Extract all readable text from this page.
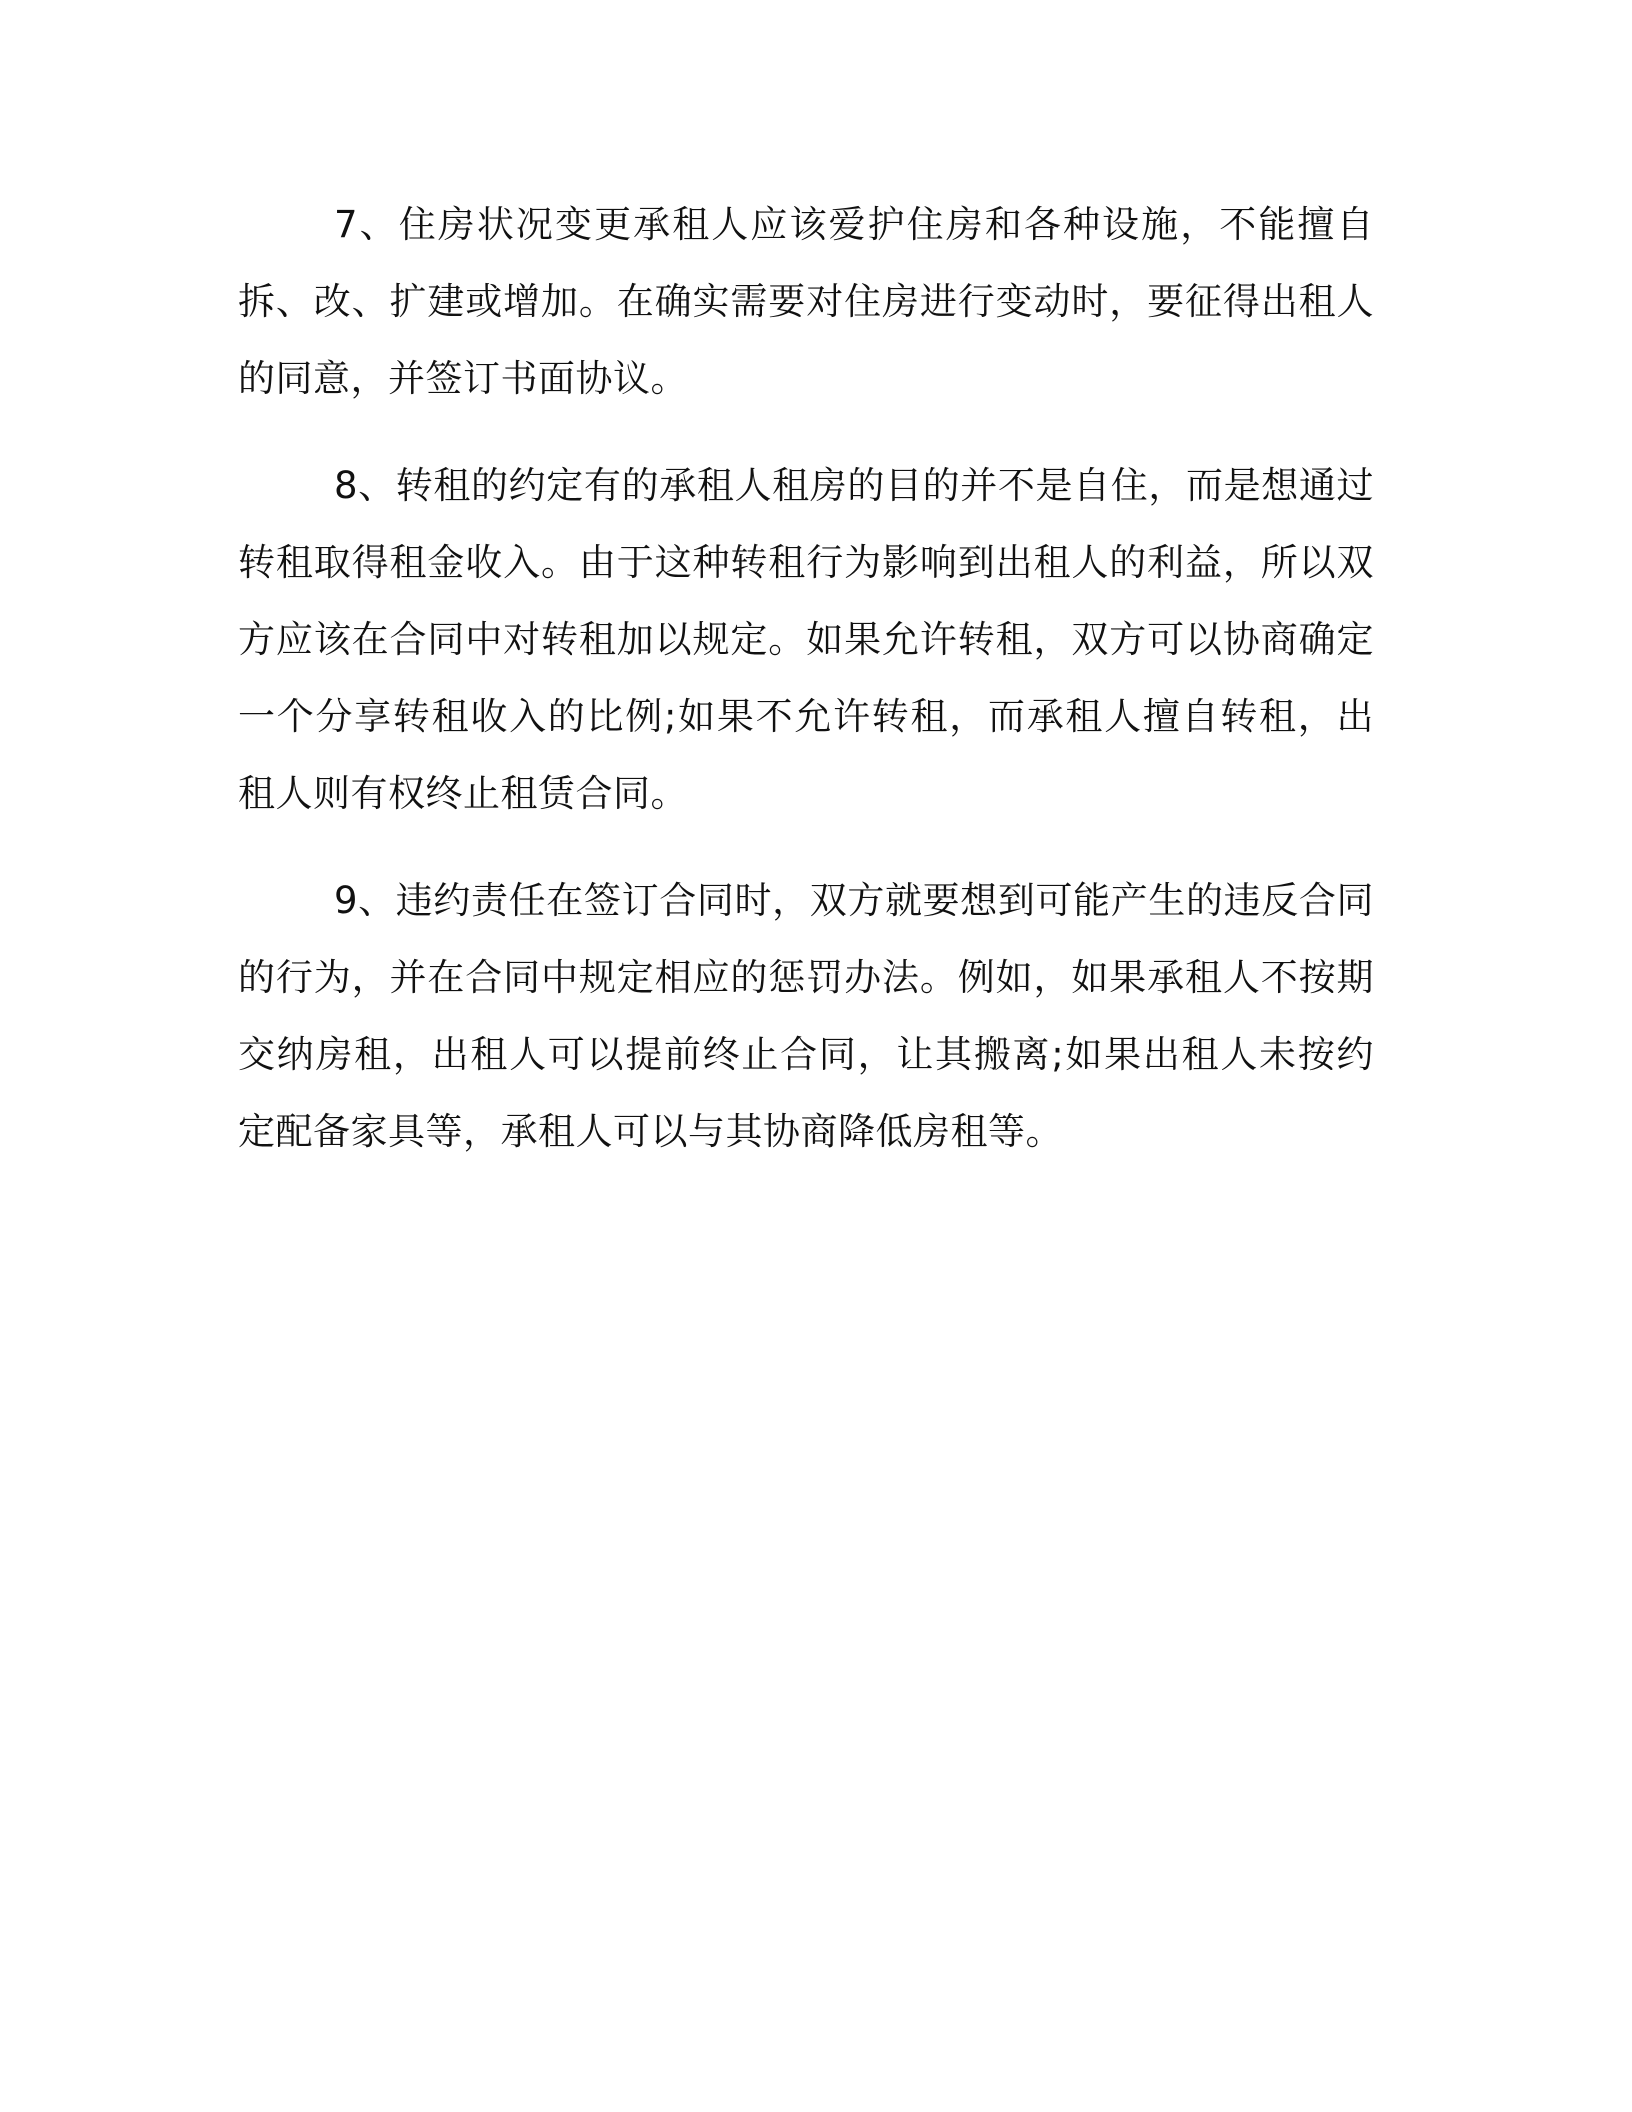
7、住房状况变更承租人应该爱护住房和各种设施，不能擅自拆、改、扩建或增加。在确实需要对住房进行变动时，要征得出租人的同意，并签订书面协议。

8、转租的约定有的承租人租房的目的并不是自住，而是想通过转租取得租金收入。由于这种转租行为影响到出租人的利益，所以双方应该在合同中对转租加以规定。如果允许转租，双方可以协商确定一个分享转租收入的比例;如果不允许转租，而承租人擅自转租，出租人则有权终止租赁合同。

9、违约责任在签订合同时，双方就要想到可能产生的违反合同的行为，并在合同中规定相应的惩罚办法。例如，如果承租人不按期交纳房租，出租人可以提前终止合同，让其搬离;如果出租人未按约定配备家具等，承租人可以与其协商降低房租等。
